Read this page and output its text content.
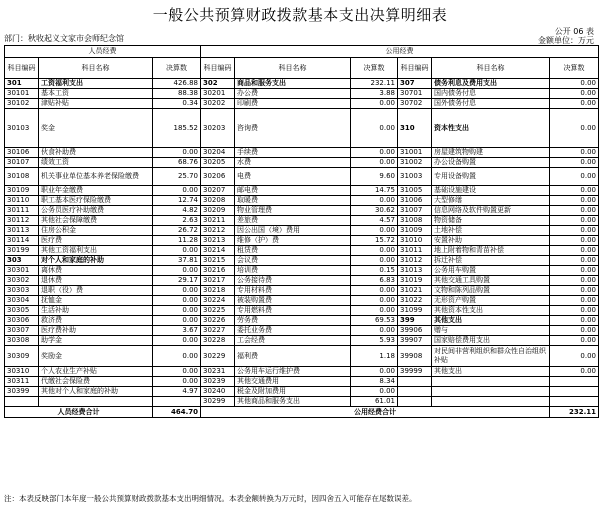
一般公共预算财政拨款基本支出决算明细表
公开 06 表
部门：秋收起义文家市会师纪念馆	金额单位：万元
人员经费			公用经费					
科目编码	科目名称	决算数	科目编码	科目名称	决算数	科目编码	科目名称	决算数
301	工资福利支出	426.88	302	商品和服务支出	232.11	307	债务利息及费用支出	0.00
30101	基本工资	88.38	30201	办公费	3.88	30701	国内债务付息	0.00
30102	津贴补贴	0.34	30202	印刷费	0.00	30702	国外债务付息	0.00
30103	奖金	185.52	30203	咨询费	0.00	310	资本性支出	0.00
30106	伙食补助费	0.00	30204	手续费	0.00	31001	房屋建筑物购建	0.00
30107	绩效工资	68.76	30205	水费	0.00	31002	办公设备购置	0.00
30108	机关事业单位基本养老保险缴费	25.70	30206	电费	9.60	31003	专用设备购置	0.00
30109	职业年金缴费	0.00	30207	邮电费	14.75	31005	基础设施建设	0.00
30110	职工基本医疗保险缴费	12.74	30208	取暖费	0.00	31006	大型修缮	0.00
30111	公务员医疗补助缴费	4.82	30209	物业管理费	30.62	31007	信息网络及软件购置更新	0.00
30112	其他社会保障缴费	2.63	30211	差旅费	4.57	31008	物资储备	0.00
30113	住房公积金	26.72	30212	因公出国（境）费用	0.00	31009	土地补偿	0.00
30114	医疗费	11.28	30213	维修（护）费	15.72	31010	安置补助	0.00
30199	其他工资福利支出	0.00	30214	租赁费	0.00	31011	地上附着物和青苗补偿	0.00
303	对个人和家庭的补助	37.81	30215	会议费	0.00	31012	拆迁补偿	0.00
30301	离休费	0.00	30216	培训费	0.15	31013	公务用车购置	0.00
30302	退休费	29.17	30217	公务接待费	6.83	31019	其他交通工具购置	0.00
30303	退职（役）费	0.00	30218	专用材料费	0.00	31021	文物和陈列品购置	0.00
30304	抚恤金	0.00	30224	被装购置费	0.00	31022	无形资产购置	0.00
30305	生活补助	0.00	30225	专用燃料费	0.00	31099	其他资本性支出	0.00
30306	救济费	0.00	30226	劳务费	69.53	399	其他支出	0.00
30307	医疗费补助	3.67	30227	委托业务费	0.00	39906	赠与	0.00
30308	助学金	0.00	30228	工会经费	5.93	39907	国家赔偿费用支出	0.00
30309	奖励金	0.00	30229	福利费	1.18	39908	对民间非营利组织和群众性自治组织补贴	0.00
30310	个人农业生产补贴	0.00	30231	公务用车运行维护费	0.00	39999	其他支出	0.00
30311	代缴社会保险费	0.00	30239	其他交通费用	8.34			
30399	其他对个人和家庭的补助	4.97	30240	税金及附加费用	0.00			
			30299	其他商品和服务支出	61.01			
人员经费合计		464.70	公用经费合计					232.11
注：本表反映部门本年度一般公共预算财政拨款基本支出明细情况。本表金额转换为万元时，因四舍五入可能存在尾数误差。
